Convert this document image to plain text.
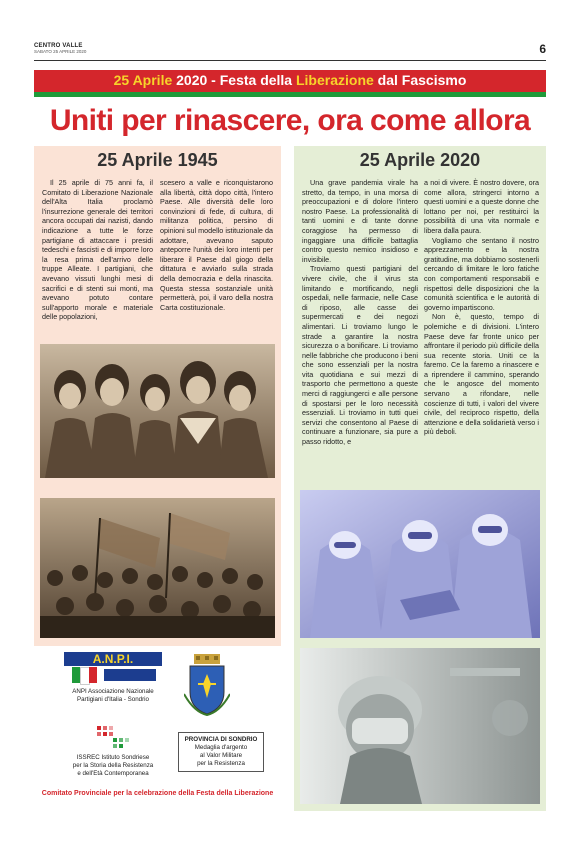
CENTRO VALLE
SABATO 25 APRILE 2020	6
25 Aprile 2020 - Festa della Liberazione dal Fascismo
Uniti per rinascere, ora come allora
25 Aprile 1945

Il 25 aprile di 75 anni fa, il Comitato di Liberazione Nazionale dell'Alta Italia proclamò l'insurrezione generale dei territori ancora occupati dai nazisti, dando indicazione a tutte le forze partigiane di attaccare i presidi tedeschi e fascisti e di imporre loro la resa prima dell'arrivo delle truppe Alleate. I partigiani, che avevano vissuti lunghi mesi di sacrifici e di stenti sui monti, ma avevano potuto contare sull'apporto morale e materiale delle popolazioni,

scesero a valle e riconquistarono alla libertà, città dopo città, l'intero Paese. Alle diversità delle loro convinzioni di fede, di cultura, di militanza politica, persino di opinioni sul modello istituzionale da adottare, avevano saputo anteporre l'unità dei loro intenti per liberare il Paese dal giogo della dittatura e avviarlo sulla strada della democrazia e della rinascita. Questa stessa sostanziale unità permetterà, poi, il varo della nostra Carta costituzionale.

25 Aprile 2020

Una grave pandemia virale ha stretto, da tempo, in una morsa di preoccupazioni e di dolore l'intero nostro Paese. La professionalità di tanti uomini e di tante donne coraggiose ha permesso di ingaggiare una difficile battaglia contro questo nemico insidioso e invisibile.

Troviamo questi partigiani del vivere civile, che il virus sta limitando e mortificando, negli ospedali, nelle farmacie, nelle Case di riposo, alle casse dei supermercati e dei negozi alimentari. Li troviamo lungo le strade a garantire la nostra sicurezza o a bonificare. Li troviamo nelle fabbriche che producono i beni che sono essenziali per la nostra vita quotidiana e sui mezzi di trasporto che permettono a queste merci di raggiungerci e alle persone di spostarsi per le loro necessità essenziali. Li troviamo in tutti quei servizi che consentono al Paese di continuare a funzionare, sia pure a passo ridotto, e

a noi di vivere. È nostro dovere, ora come allora, stringerci intorno a questi uomini e a queste donne che lottano per noi, per restituirci la possibilità di una vita normale e libera dalla paura.

Vogliamo che sentano il nostro apprezzamento e la nostra gratitudine, ma dobbiamo sostenerli cercando di limitare le loro fatiche con comportamenti responsabili e rispettosi delle disposizioni che la comunità scientifica e le autorità di governo impartiscono.

Non è, questo, tempo di polemiche e di divisioni. L'intero Paese deve far fronte unico per affrontare il periodo più difficile della sua recente storia. Uniti ce la faremo. Ce la faremo a rinascere e a riprendere il cammino, sperando che le angosce del momento servano a rifondare, nelle coscienze di tutti, i valori del vivere civile, del reciproco rispetto, della attenzione e della solidarietà verso i più deboli.

A.N.P.I.
ANPI Associazione Nazionale
Partigiani d'Italia - Sondrio
ISSREC Istituto Sondriese
per la Storia della Resistenza
e dell'Età Contemporanea
PROVINCIA DI SONDRIO
Medaglia d'argento
al Valor Militare
per la Resistenza
Comitato Provinciale per la celebrazione della Festa della Liberazione
